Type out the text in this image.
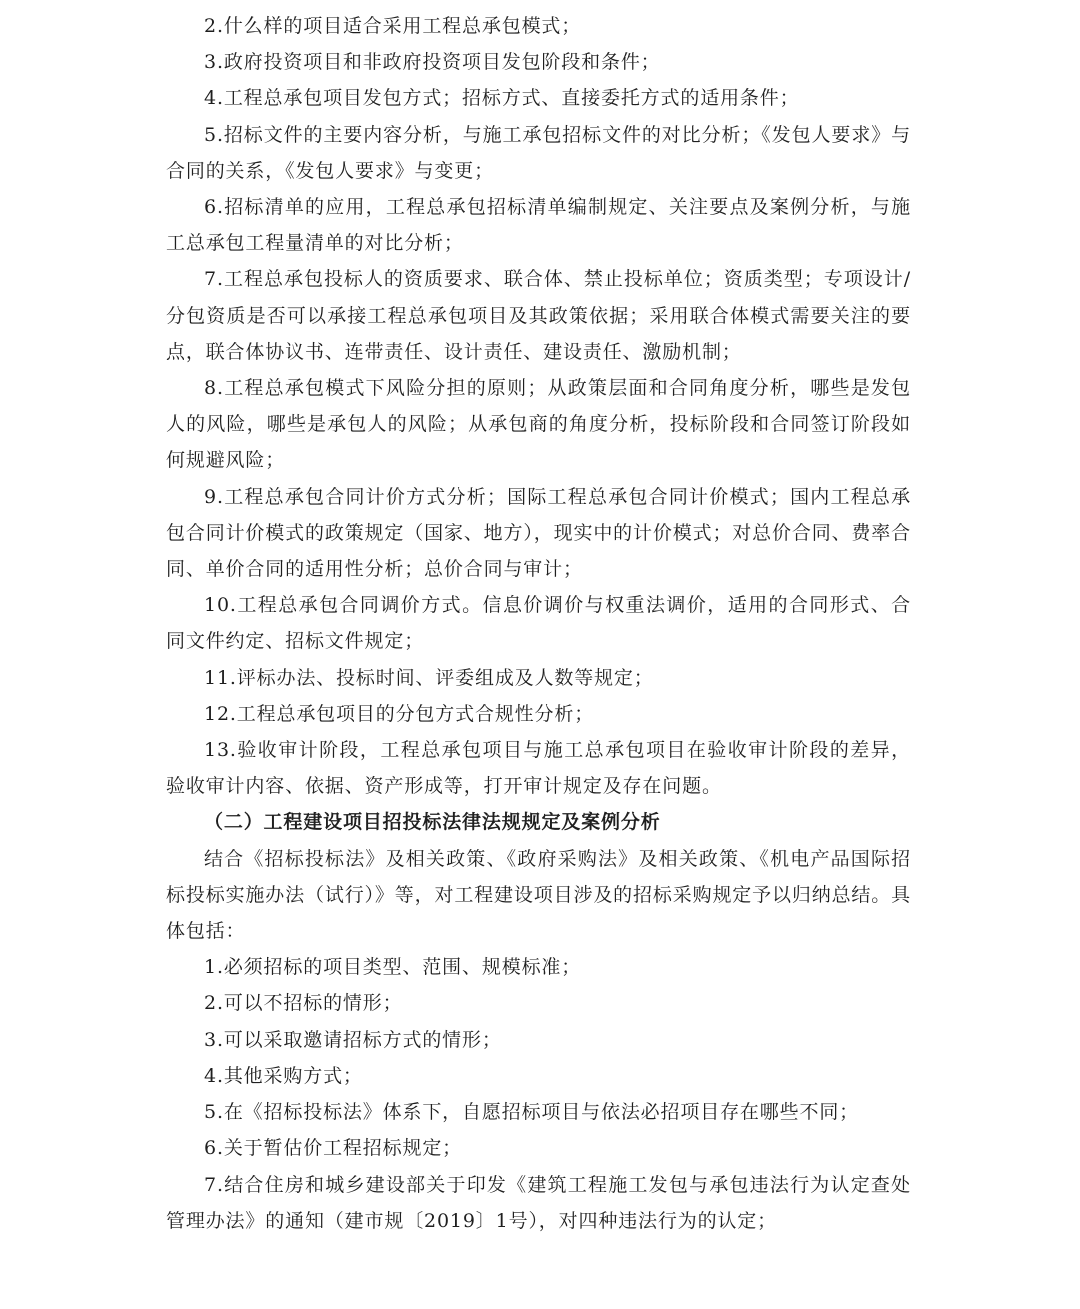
2.什么样的项目适合采用工程总承包模式；

3.政府投资项目和非政府投资项目发包阶段和条件；

4.工程总承包项目发包方式；招标方式、直接委托方式的适用条件；

5.招标文件的主要内容分析，与施工承包招标文件的对比分析；《发包人要求》与合同的关系，《发包人要求》与变更；

6.招标清单的应用，工程总承包招标清单编制规定、关注要点及案例分析，与施工总承包工程量清单的对比分析；

7.工程总承包投标人的资质要求、联合体、禁止投标单位；资质类型；专项设计/分包资质是否可以承接工程总承包项目及其政策依据；采用联合体模式需要关注的要点，联合体协议书、连带责任、设计责任、建设责任、激励机制；

8.工程总承包模式下风险分担的原则；从政策层面和合同角度分析，哪些是发包人的风险，哪些是承包人的风险；从承包商的角度分析，投标阶段和合同签订阶段如何规避风险；

9.工程总承包合同计价方式分析；国际工程总承包合同计价模式；国内工程总承包合同计价模式的政策规定（国家、地方），现实中的计价模式；对总价合同、费率合同、单价合同的适用性分析；总价合同与审计；

10.工程总承包合同调价方式。信息价调价与权重法调价，适用的合同形式、合同文件约定、招标文件规定；

11.评标办法、投标时间、评委组成及人数等规定；

12.工程总承包项目的分包方式合规性分析；

13.验收审计阶段，工程总承包项目与施工总承包项目在验收审计阶段的差异，验收审计内容、依据、资产形成等，打开审计规定及存在问题。

（二）工程建设项目招投标法律法规规定及案例分析

结合《招标投标法》及相关政策、《政府采购法》及相关政策、《机电产品国际招标投标实施办法（试行）》等，对工程建设项目涉及的招标采购规定予以归纳总结。具体包括：

1.必须招标的项目类型、范围、规模标准；

2.可以不招标的情形；

3.可以采取邀请招标方式的情形；

4.其他采购方式；

5.在《招标投标法》体系下，自愿招标项目与依法必招项目存在哪些不同；

6.关于暂估价工程招标规定；

7.结合住房和城乡建设部关于印发《建筑工程施工发包与承包违法行为认定查处管理办法》的通知（建市规〔2019〕1号），对四种违法行为的认定；
